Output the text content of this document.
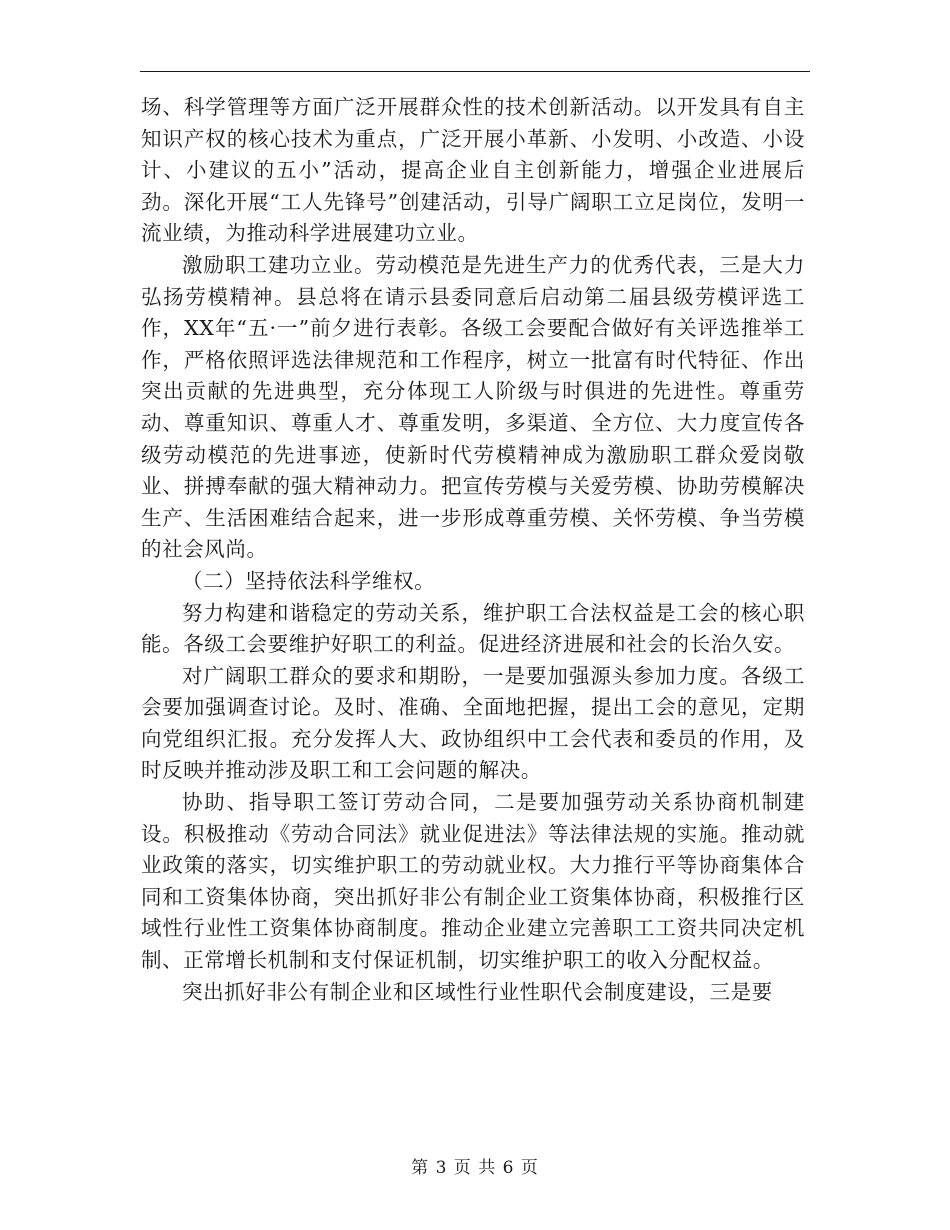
场、科学管理等方面广泛开展群众性的技术创新活动。以开发具有自主知识产权的核心技术为重点，广泛开展小革新、小发明、小改造、小设计、小建议的五小”活动，提高企业自主创新能力，增强企业进展后劲。深化开展“工人先锋号”创建活动，引导广阔职工立足岗位，发明一流业绩，为推动科学进展建功立业。

激励职工建功立业。劳动模范是先进生产力的优秀代表，三是大力弘扬劳模精神。县总将在请示县委同意后启动第二届县级劳模评选工作，XX年“五·一”前夕进行表彰。各级工会要配合做好有关评选推举工作，严格依照评选法律规范和工作程序，树立一批富有时代特征、作出突出贡献的先进典型，充分体现工人阶级与时俱进的先进性。尊重劳动、尊重知识、尊重人才、尊重发明，多渠道、全方位、大力度宣传各级劳动模范的先进事迹，使新时代劳模精神成为激励职工群众爱岗敬业、拼搏奉献的强大精神动力。把宣传劳模与关爱劳模、协助劳模解决生产、生活困难结合起来，进一步形成尊重劳模、关怀劳模、争当劳模的社会风尚。

（二）坚持依法科学维权。

努力构建和谐稳定的劳动关系，维护职工合法权益是工会的核心职能。各级工会要维护好职工的利益。促进经济进展和社会的长治久安。

对广阔职工群众的要求和期盼，一是要加强源头参加力度。各级工会要加强调查讨论。及时、准确、全面地把握，提出工会的意见，定期向党组织汇报。充分发挥人大、政协组织中工会代表和委员的作用，及时反映并推动涉及职工和工会问题的解决。

协助、指导职工签订劳动合同，二是要加强劳动关系协商机制建设。积极推动《劳动合同法》就业促进法》等法律法规的实施。推动就业政策的落实，切实维护职工的劳动就业权。大力推行平等协商集体合同和工资集体协商，突出抓好非公有制企业工资集体协商，积极推行区域性行业性工资集体协商制度。推动企业建立完善职工工资共同决定机制、正常增长机制和支付保证机制，切实维护职工的收入分配权益。

突出抓好非公有制企业和区域性行业性职代会制度建设，三是要

第 3 页 共 6 页
